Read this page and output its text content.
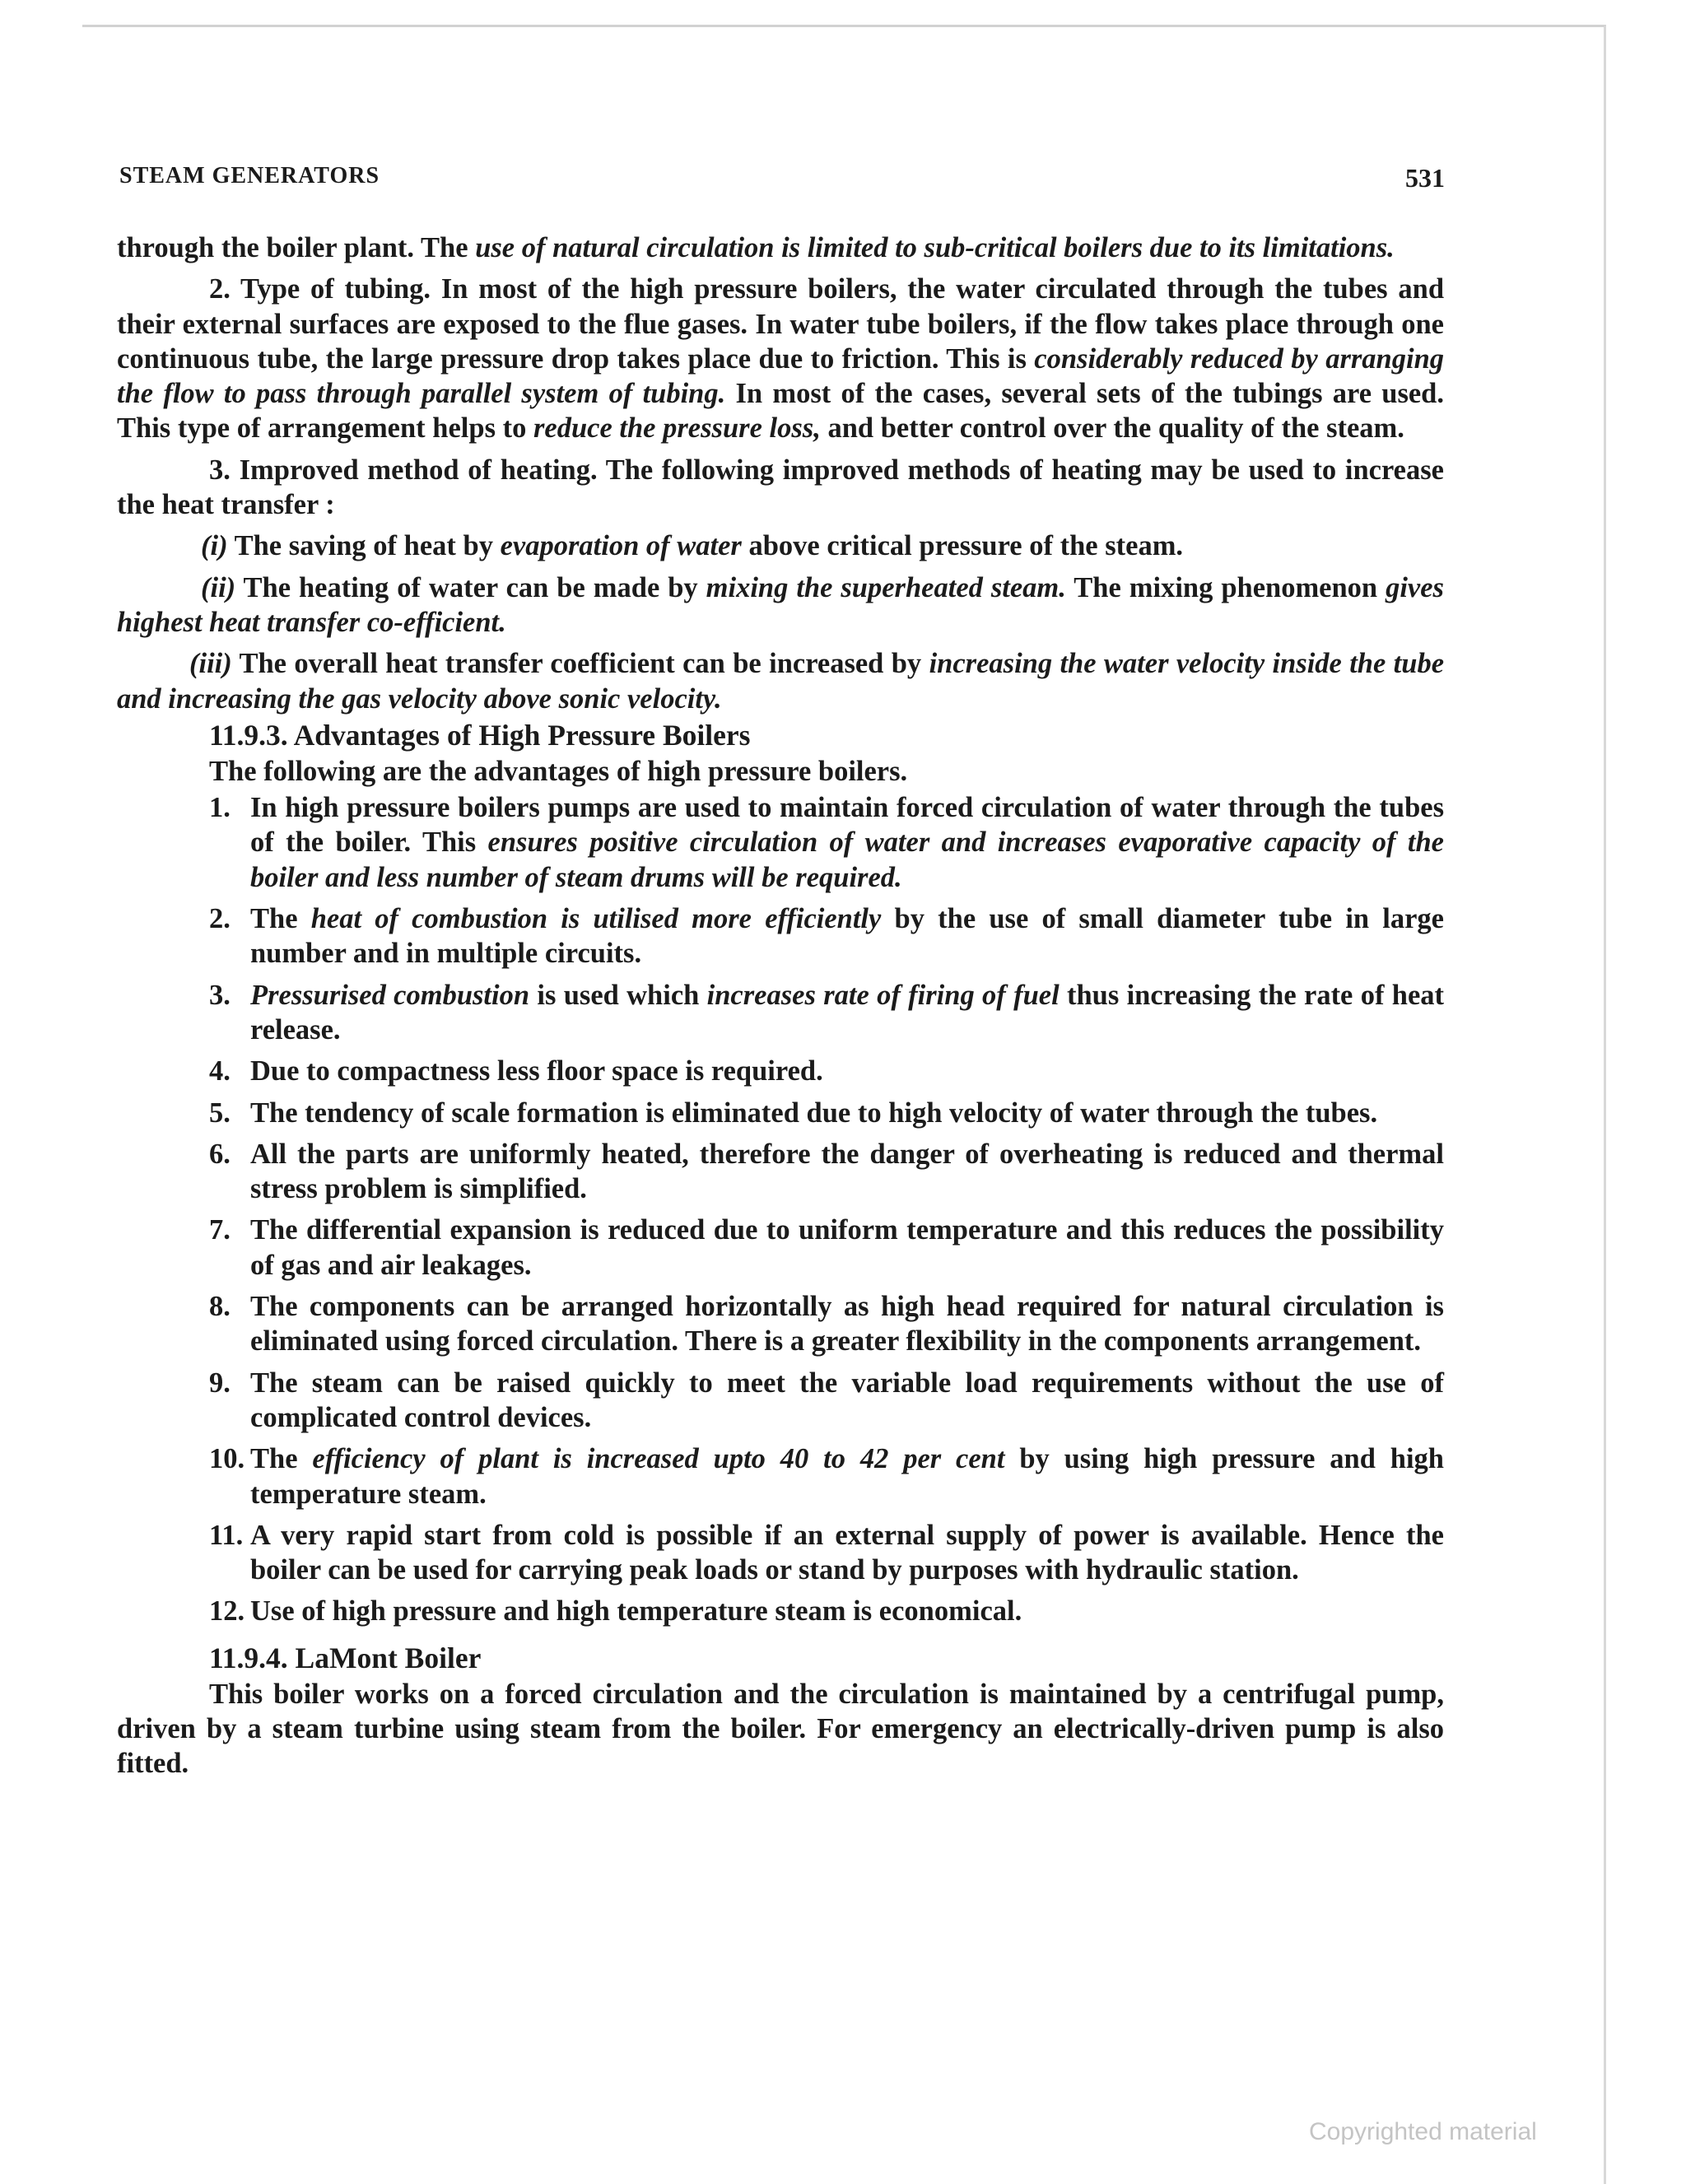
STEAM GENERATORS	531

through the boiler plant. The use of natural circulation is limited to sub-critical boilers due to its limitations.

2. Type of tubing. In most of the high pressure boilers, the water circulated through the tubes and their external surfaces are exposed to the flue gases. In water tube boilers, if the flow takes place through one continuous tube, the large pressure drop takes place due to friction. This is considerably reduced by arranging the flow to pass through parallel system of tubing. In most of the cases, several sets of the tubings are used. This type of arrangement helps to reduce the pressure loss, and better control over the quality of the steam.

3. Improved method of heating. The following improved methods of heating may be used to increase the heat transfer :

(i) The saving of heat by evaporation of water above critical pressure of the steam.

(ii) The heating of water can be made by mixing the superheated steam. The mixing phenomenon gives highest heat transfer co-efficient.

(iii) The overall heat transfer coefficient can be increased by increasing the water velocity inside the tube and increasing the gas velocity above sonic velocity.

11.9.3. Advantages of High Pressure Boilers

The following are the advantages of high pressure boilers.

1. In high pressure boilers pumps are used to maintain forced circulation of water through the tubes of the boiler. This ensures positive circulation of water and increases evaporative capacity of the boiler and less number of steam drums will be required.
2. The heat of combustion is utilised more efficiently by the use of small diameter tube in large number and in multiple circuits.
3. Pressurised combustion is used which increases rate of firing of fuel thus increasing the rate of heat release.
4. Due to compactness less floor space is required.
5. The tendency of scale formation is eliminated due to high velocity of water through the tubes.
6. All the parts are uniformly heated, therefore the danger of overheating is reduced and thermal stress problem is simplified.
7. The differential expansion is reduced due to uniform temperature and this reduces the possibility of gas and air leakages.
8. The components can be arranged horizontally as high head required for natural circulation is eliminated using forced circulation. There is a greater flexibility in the components arrangement.
9. The steam can be raised quickly to meet the variable load requirements without the use of complicated control devices.
10. The efficiency of plant is increased upto 40 to 42 per cent by using high pressure and high temperature steam.
11. A very rapid start from cold is possible if an external supply of power is available. Hence the boiler can be used for carrying peak loads or stand by purposes with hydraulic station.
12. Use of high pressure and high temperature steam is economical.
11.9.4. LaMont Boiler

This boiler works on a forced circulation and the circulation is maintained by a centrifugal pump, driven by a steam turbine using steam from the boiler. For emergency an electrically-driven pump is also fitted.

Copyrighted material
